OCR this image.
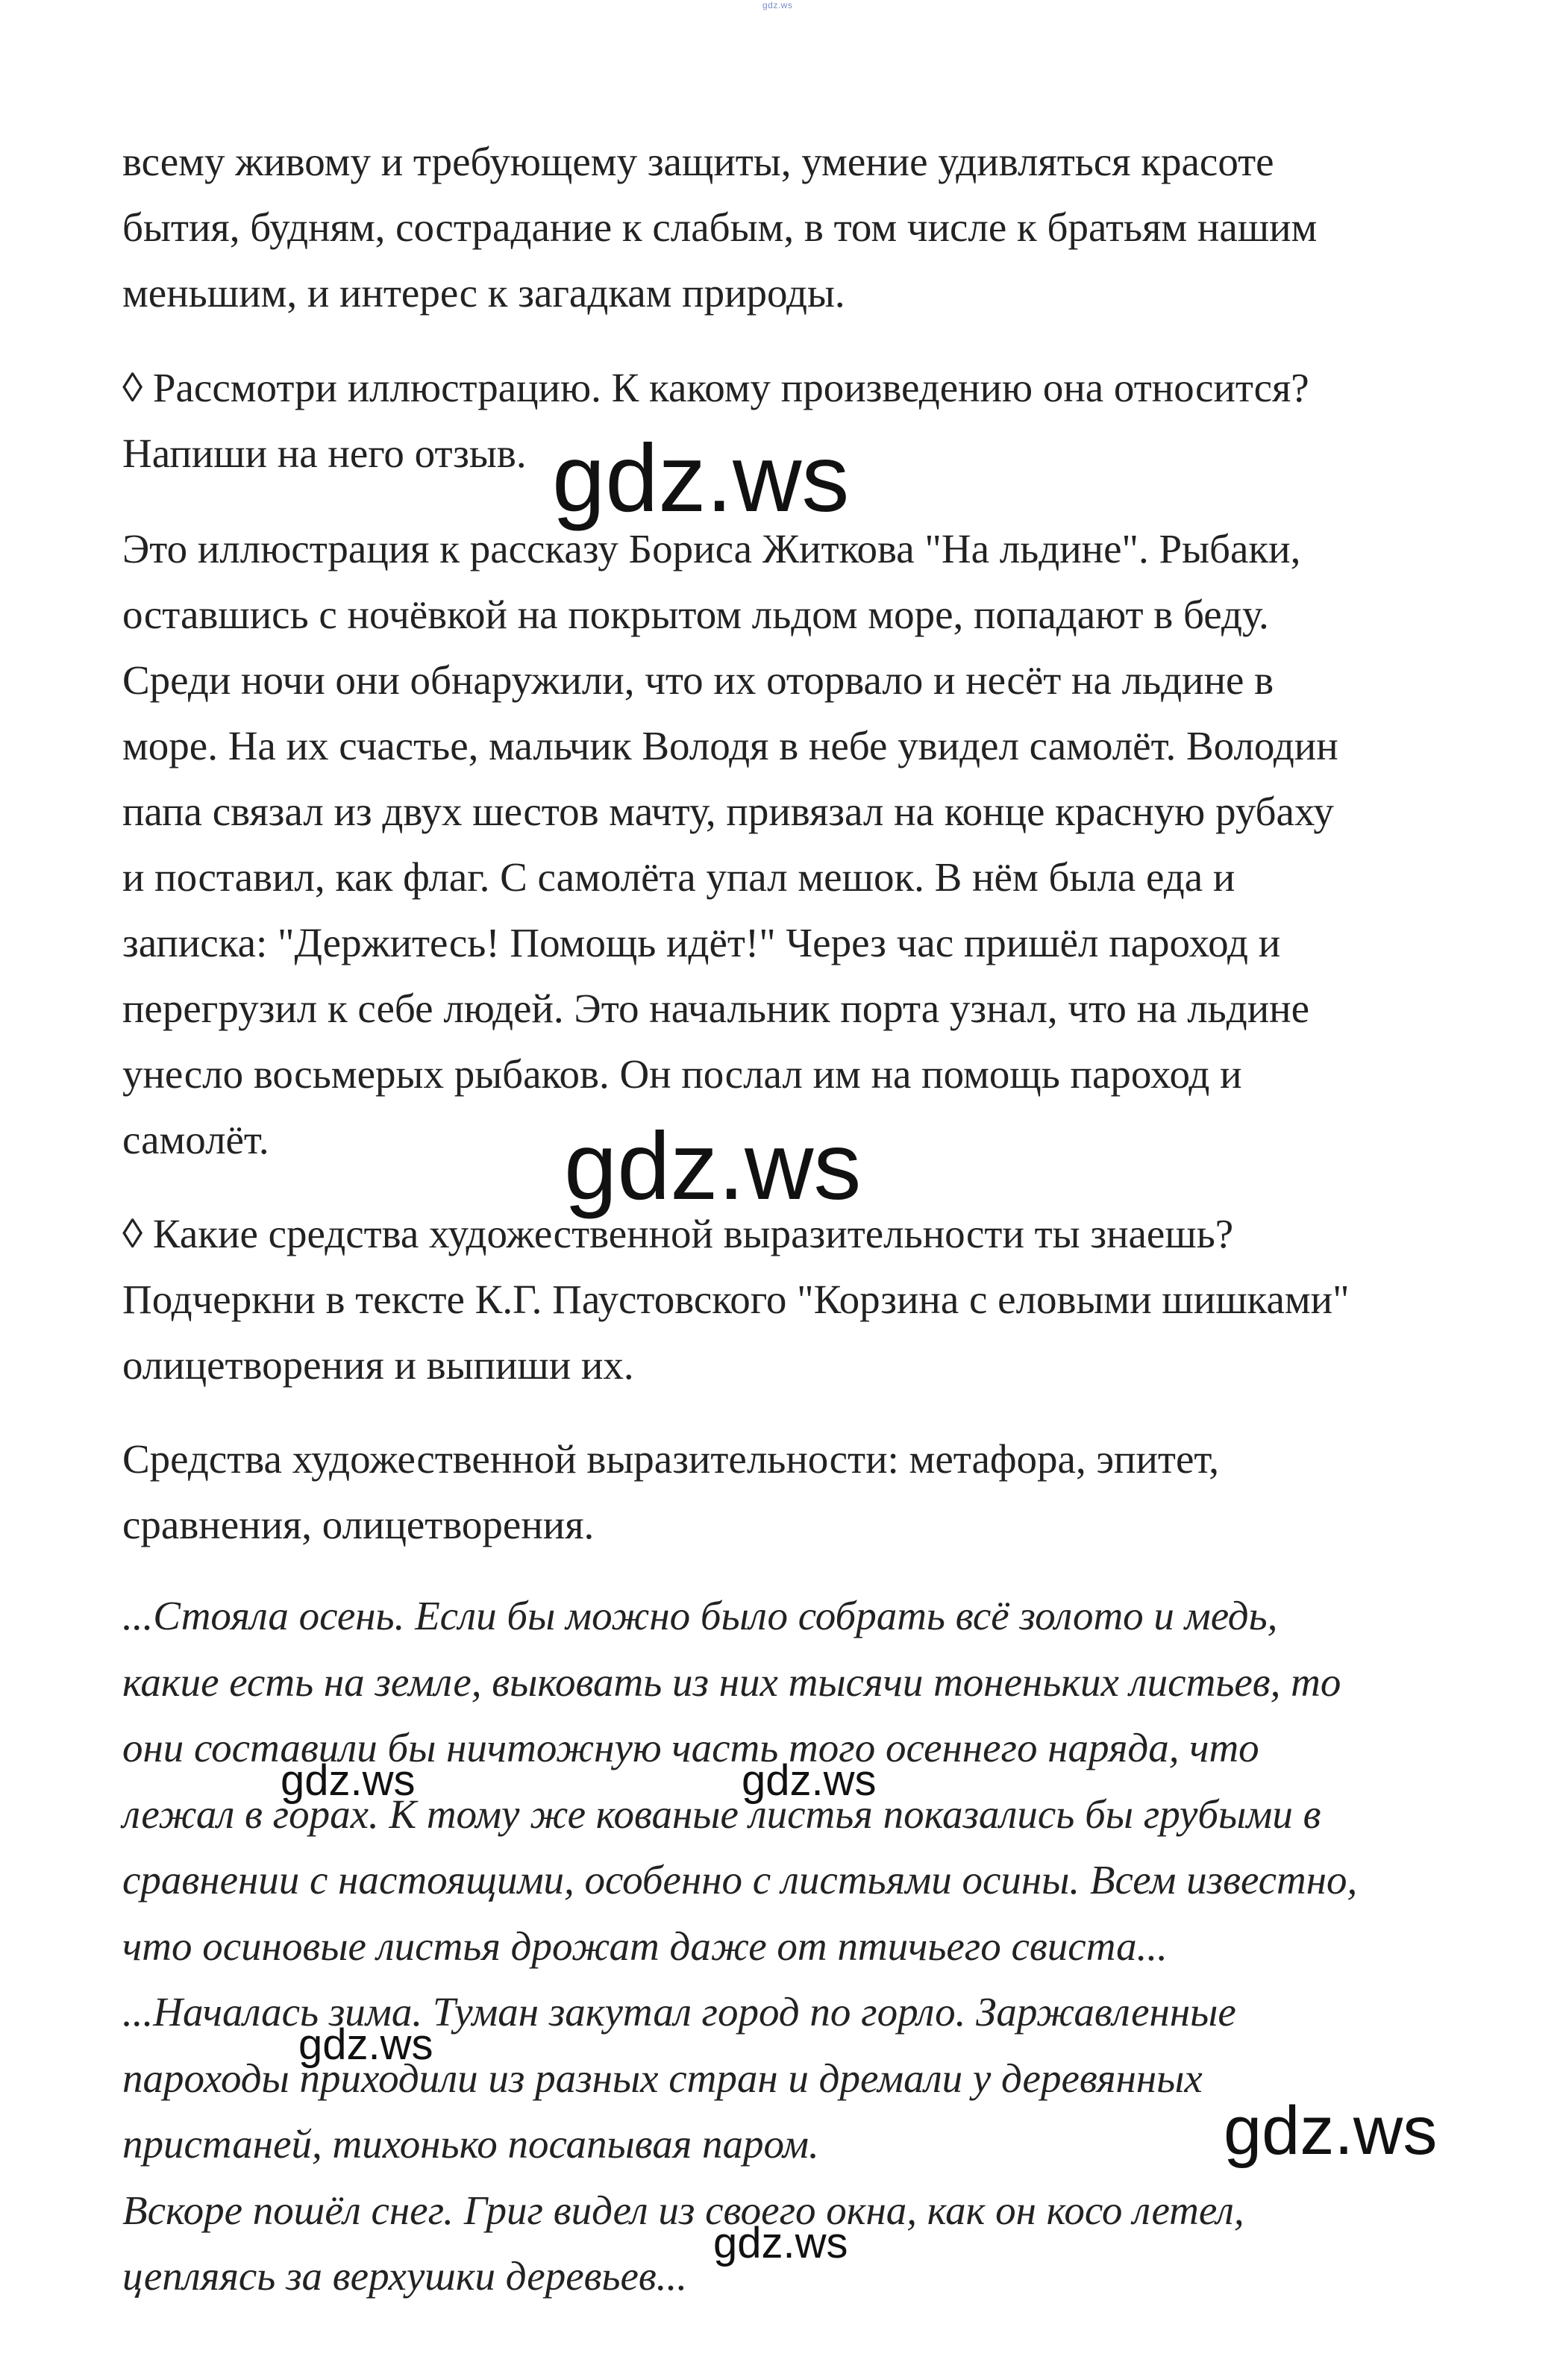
gdz.ws
всему живому и требующему защиты, умение удивляться красоте
бытия, будням, сострадание к слабым, в том числе к братьям нашим
меньшим, и интерес к загадкам природы.
◊ Рассмотри иллюстрацию. К какому произведению она относится?
Напиши на него отзыв.
Это иллюстрация к рассказу Бориса Житкова "На льдине". Рыбаки,
оставшись с ночёвкой на покрытом льдом море, попадают в беду.
Среди ночи они обнаружили, что их оторвало и несёт на льдине в
море. На их счастье, мальчик Володя в небе увидел самолёт. Володин
папа связал из двух шестов мачту, привязал на конце красную рубаху
и поставил, как флаг. С самолёта упал мешок. В нём была еда и
записка: "Держитесь! Помощь идёт!" Через час пришёл пароход и
перегрузил к себе людей. Это начальник порта узнал, что на льдине
унесло восьмерых рыбаков. Он послал им на помощь пароход и
самолёт.
◊ Какие средства художественной выразительности ты знаешь?
Подчеркни в тексте К.Г. Паустовского "Корзина с еловыми шишками"
олицетворения и выпиши их.
Средства художественной выразительности: метафора, эпитет,
сравнения, олицетворения.
...Стояла осень. Если бы можно было собрать всё золото и медь,
какие есть на земле, выковать из них тысячи тоненьких листьев, то
они составили бы ничтожную часть того осеннего наряда, что
лежал в горах. К тому же кованые листья показались бы грубыми в
сравнении с настоящими, особенно с листьями осины. Всем известно,
что осиновые листья дрожат даже от птичьего свиста...
...Началась зима. Туман закутал город по горло. Заржавленные
пароходы приходили из разных стран и дремали у деревянных
пристаней, тихонько посапывая паром.
Вскоре пошёл снег. Григ видел из своего окна, как он косо летел,
цепляясь за верхушки деревьев...
gdz.ws
gdz.ws
gdz.ws	gdz.ws
gdz.ws
gdz.ws
gdz.ws
